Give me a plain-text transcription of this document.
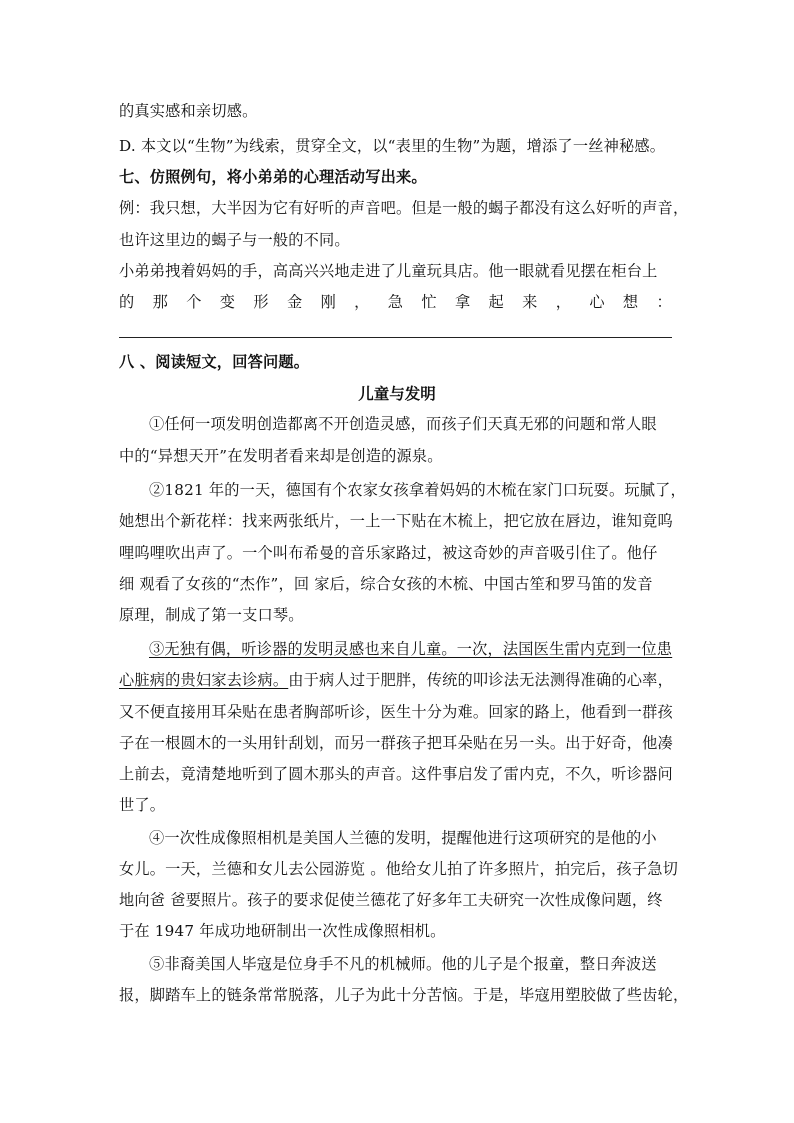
的真实感和亲切感。
D. 本文以“生物”为线索，贯穿全文，以“表里的生物”为题，增添了一丝神秘感。
七、仿照例句，将小弟弟的心理活动写出来。
例：我只想，大半因为它有好听的声音吧。但是一般的蝎子都没有这么好听的声音，
也许这里边的蝎子与一般的不同。
小弟弟拽着妈妈的手，高高兴兴地走进了儿童玩具店。他一眼就看见摆在柜台上
的 那 个 变 形 金 刚 ， 急 忙 拿 起 来 ， 心 想 ：
八 、阅读短文，回答问题。
儿童与发明
①任何一项发明创造都离不开创造灵感，而孩子们天真无邪的问题和常人眼
中的“异想天开”在发明者看来却是创造的源泉。
②1821 年的一天，德国有个农家女孩拿着妈妈的木梳在家门口玩耍。玩腻了，
她想出个新花样：找来两张纸片，一上一下贴在木梳上，把它放在唇边，谁知竟呜
哩呜哩吹出声了。一个叫布希曼的音乐家路过，被这奇妙的声音吸引住了。他仔
细 观看了女孩的“杰作”，回 家后，综合女孩的木梳、中国古笙和罗马笛的发音
原理，制成了第一支口琴。
③无独有偶，听诊器的发明灵感也来自儿童。一次，法国医生雷内克到一位患
心脏病的贵妇家去诊病。由于病人过于肥胖，传统的叩诊法无法测得准确的心率，
又不便直接用耳朵贴在患者胸部听诊，医生十分为难。回家的路上，他看到一群孩
子在一根圆木的一头用针刮划，而另一群孩子把耳朵贴在另一头。出于好奇，他凑
上前去，竟清楚地听到了圆木那头的声音。这件事启发了雷内克，不久，听诊器问
世了。
④一次性成像照相机是美国人兰德的发明，提醒他进行这项研究的是他的小
女儿。一天，兰德和女儿去公园游览 。他给女儿拍了许多照片，拍完后，孩子急切
地向爸 爸要照片。孩子的要求促使兰德花了好多年工夫研究一次性成像问题，终
于在 1947 年成功地研制出一次性成像照相机。
⑤非裔美国人毕寇是位身手不凡的机械师。他的儿子是个报童，整日奔波送
报，脚踏车上的链条常常脱落，儿子为此十分苦恼。于是，毕寇用塑胶做了些齿轮，
